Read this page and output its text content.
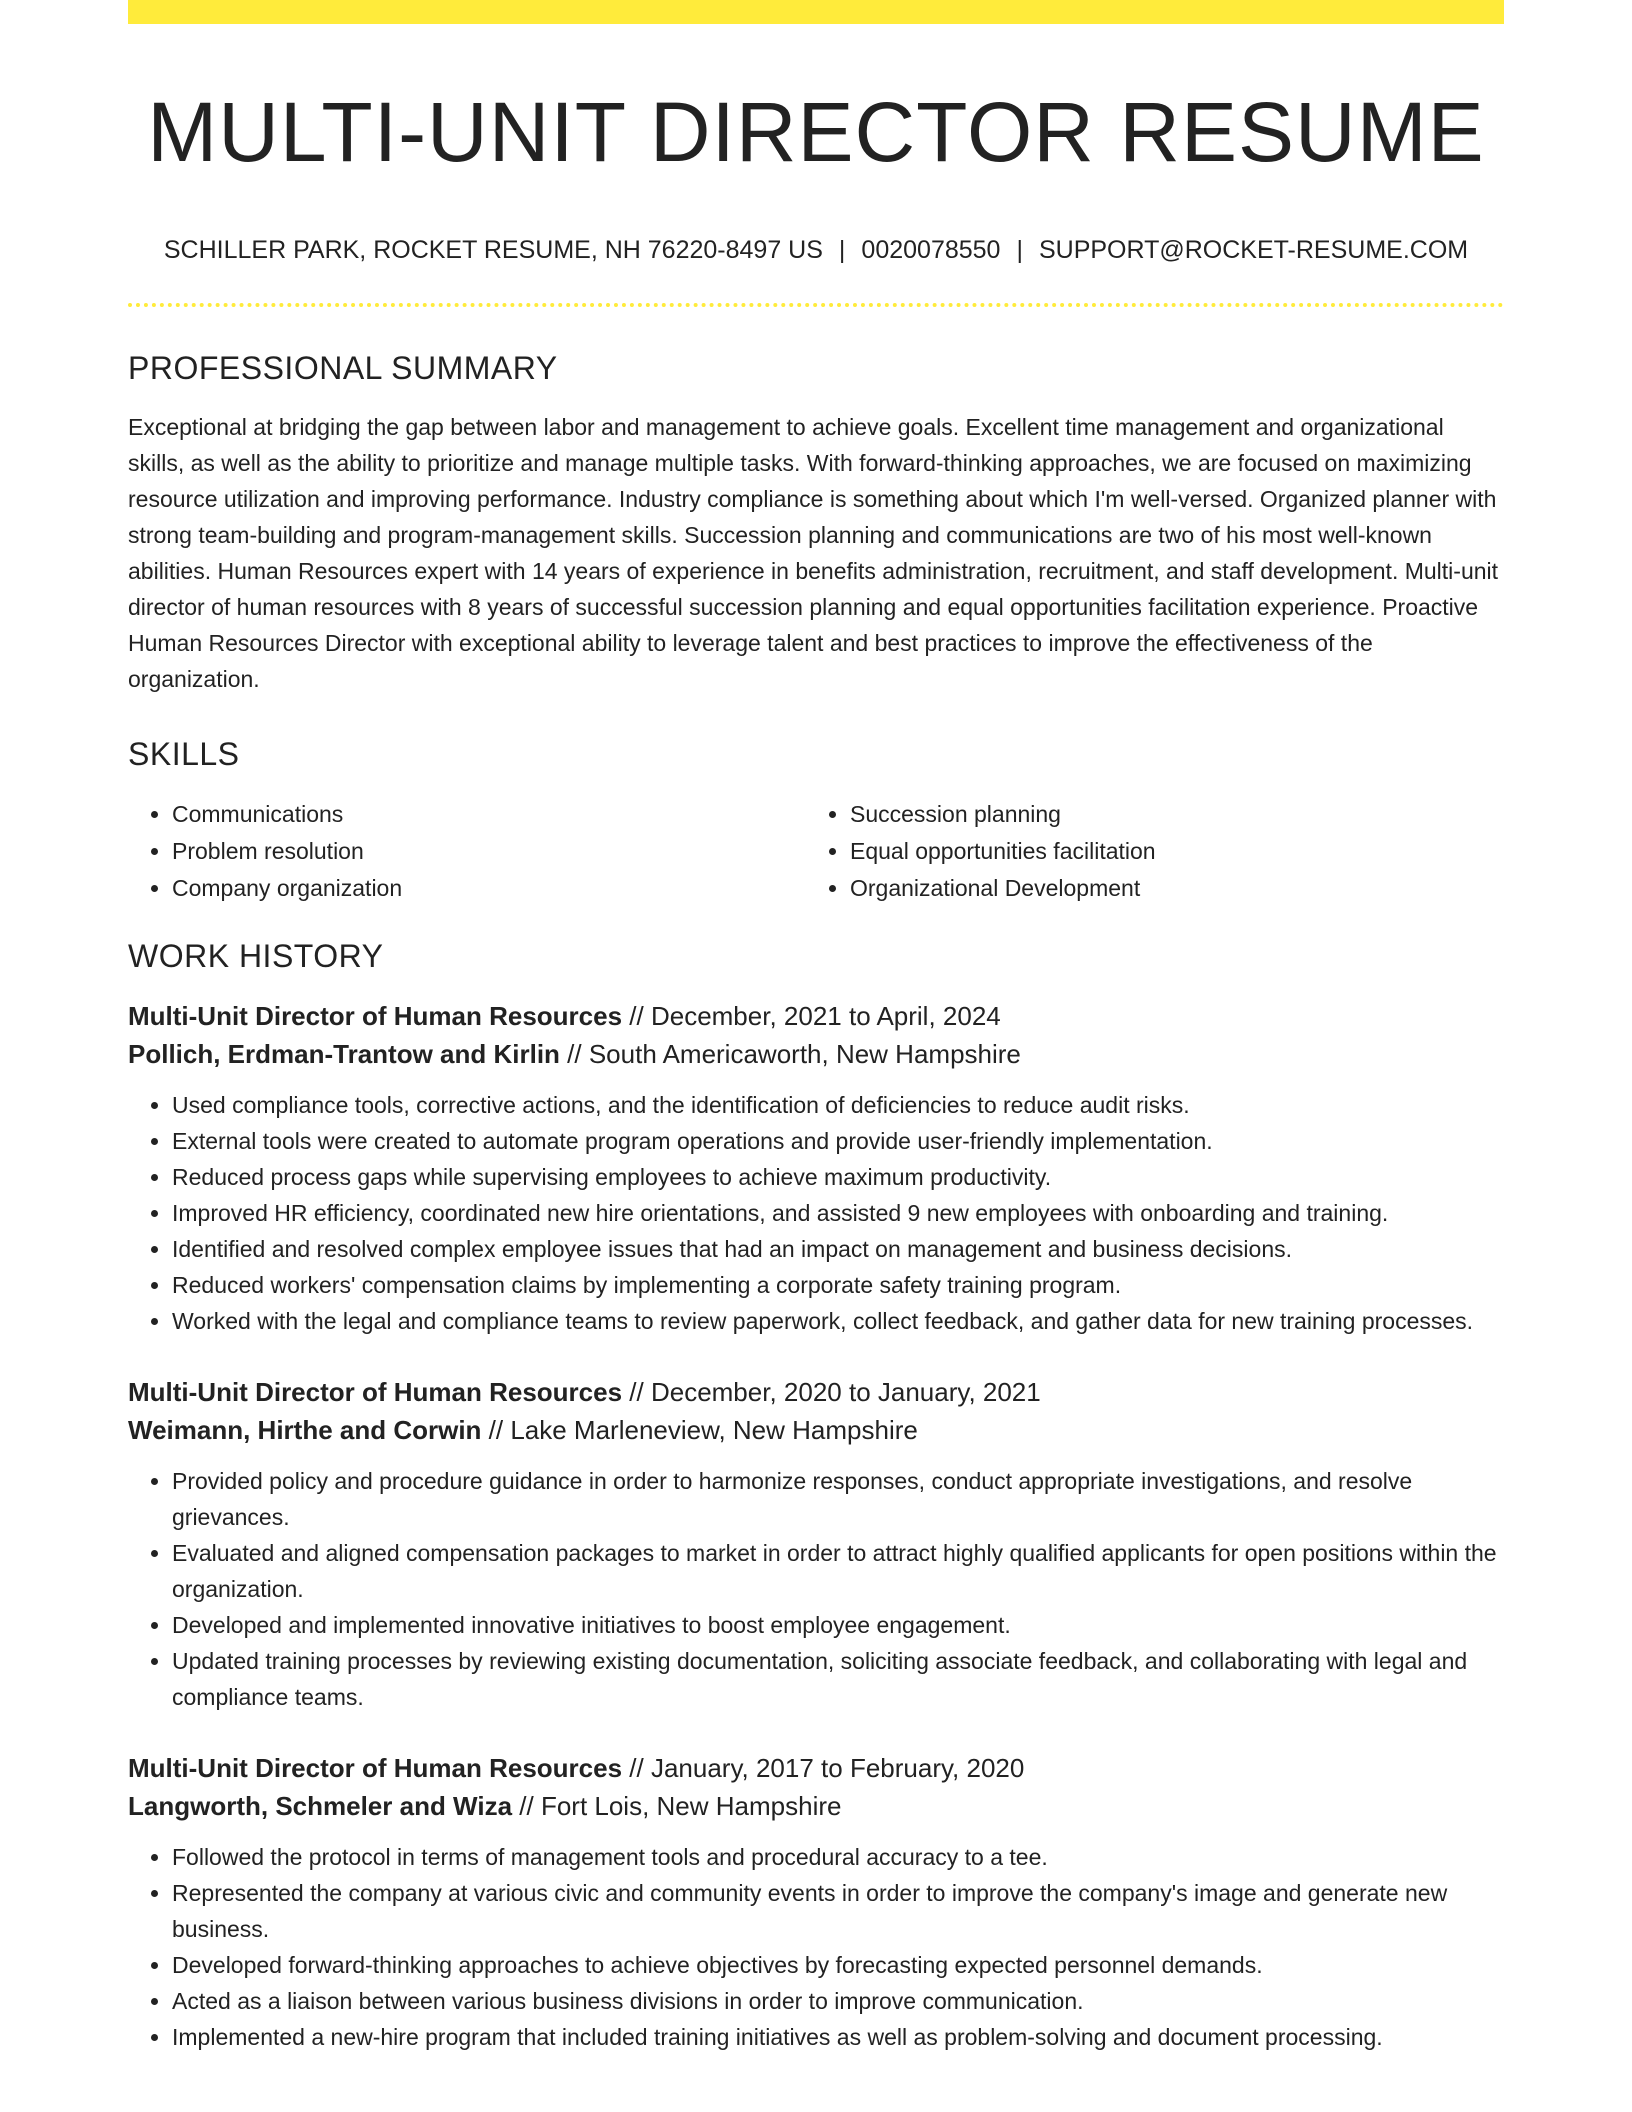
MULTI-UNIT DIRECTOR RESUME
SCHILLER PARK, ROCKET RESUME, NH 76220-8497 US | 0020078550 | SUPPORT@ROCKET-RESUME.COM
PROFESSIONAL SUMMARY

Exceptional at bridging the gap between labor and management to achieve goals. Excellent time management and organizational skills, as well as the ability to prioritize and manage multiple tasks. With forward-thinking approaches, we are focused on maximizing resource utilization and improving performance. Industry compliance is something about which I'm well-versed. Organized planner with strong team-building and program-management skills. Succession planning and communications are two of his most well-known abilities. Human Resources expert with 14 years of experience in benefits administration, recruitment, and staff development. Multi-unit director of human resources with 8 years of successful succession planning and equal opportunities facilitation experience. Proactive Human Resources Director with exceptional ability to leverage talent and best practices to improve the effectiveness of the organization.

SKILLS
• Communications
• Problem resolution
• Company organization
• Succession planning
• Equal opportunities facilitation
• Organizational Development
WORK HISTORY
Multi-Unit Director of Human Resources // December, 2021 to April, 2024
Pollich, Erdman-Trantow and Kirlin // South Americaworth, New Hampshire
• Used compliance tools, corrective actions, and the identification of deficiencies to reduce audit risks.
• External tools were created to automate program operations and provide user-friendly implementation.
• Reduced process gaps while supervising employees to achieve maximum productivity.
• Improved HR efficiency, coordinated new hire orientations, and assisted 9 new employees with onboarding and training.
• Identified and resolved complex employee issues that had an impact on management and business decisions.
• Reduced workers' compensation claims by implementing a corporate safety training program.
• Worked with the legal and compliance teams to review paperwork, collect feedback, and gather data for new training processes.
Multi-Unit Director of Human Resources // December, 2020 to January, 2021
Weimann, Hirthe and Corwin // Lake Marleneview, New Hampshire
• Provided policy and procedure guidance in order to harmonize responses, conduct appropriate investigations, and resolve grievances.
• Evaluated and aligned compensation packages to market in order to attract highly qualified applicants for open positions within the organization.
• Developed and implemented innovative initiatives to boost employee engagement.
• Updated training processes by reviewing existing documentation, soliciting associate feedback, and collaborating with legal and compliance teams.
Multi-Unit Director of Human Resources // January, 2017 to February, 2020
Langworth, Schmeler and Wiza // Fort Lois, New Hampshire
• Followed the protocol in terms of management tools and procedural accuracy to a tee.
• Represented the company at various civic and community events in order to improve the company's image and generate new business.
• Developed forward-thinking approaches to achieve objectives by forecasting expected personnel demands.
• Acted as a liaison between various business divisions in order to improve communication.
• Implemented a new-hire program that included training initiatives as well as problem-solving and document processing.
